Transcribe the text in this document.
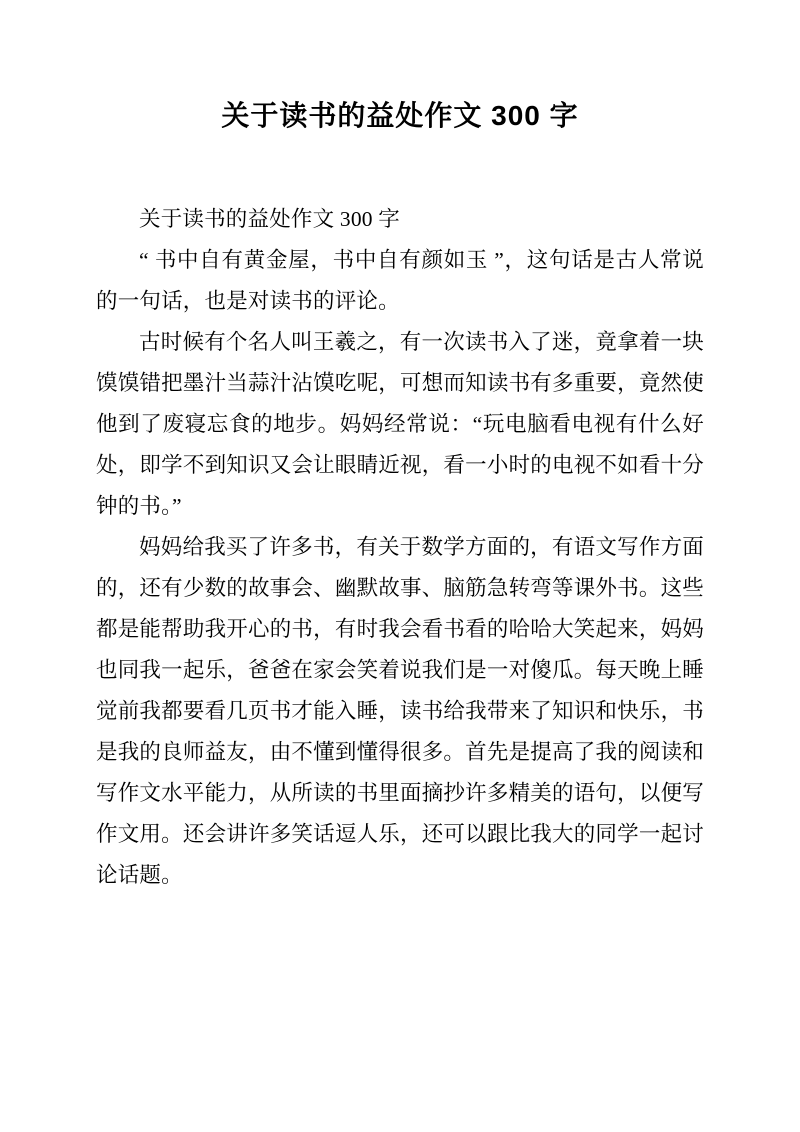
关于读书的益处作文 300 字

关于读书的益处作文 300 字

“ 书中自有黄金屋，书中自有颜如玉 ”，这句话是古人常说的一句话，也是对读书的评论。

古时候有个名人叫王羲之，有一次读书入了迷，竟拿着一块馍馍错把墨汁当蒜汁沾馍吃呢，可想而知读书有多重要，竟然使他到了废寝忘食的地步。妈妈经常说：“玩电脑看电视有什么好处，即学不到知识又会让眼睛近视，看一小时的电视不如看十分钟的书。”

妈妈给我买了许多书，有关于数学方面的，有语文写作方面的，还有少数的故事会、幽默故事、脑筋急转弯等课外书。这些都是能帮助我开心的书，有时我会看书看的哈哈大笑起来，妈妈也同我一起乐，爸爸在家会笑着说我们是一对傻瓜。每天晚上睡觉前我都要看几页书才能入睡，读书给我带来了知识和快乐，书是我的良师益友，由不懂到懂得很多。首先是提高了我的阅读和写作文水平能力，从所读的书里面摘抄许多精美的语句，以便写作文用。还会讲许多笑话逗人乐，还可以跟比我大的同学一起讨论话题。
